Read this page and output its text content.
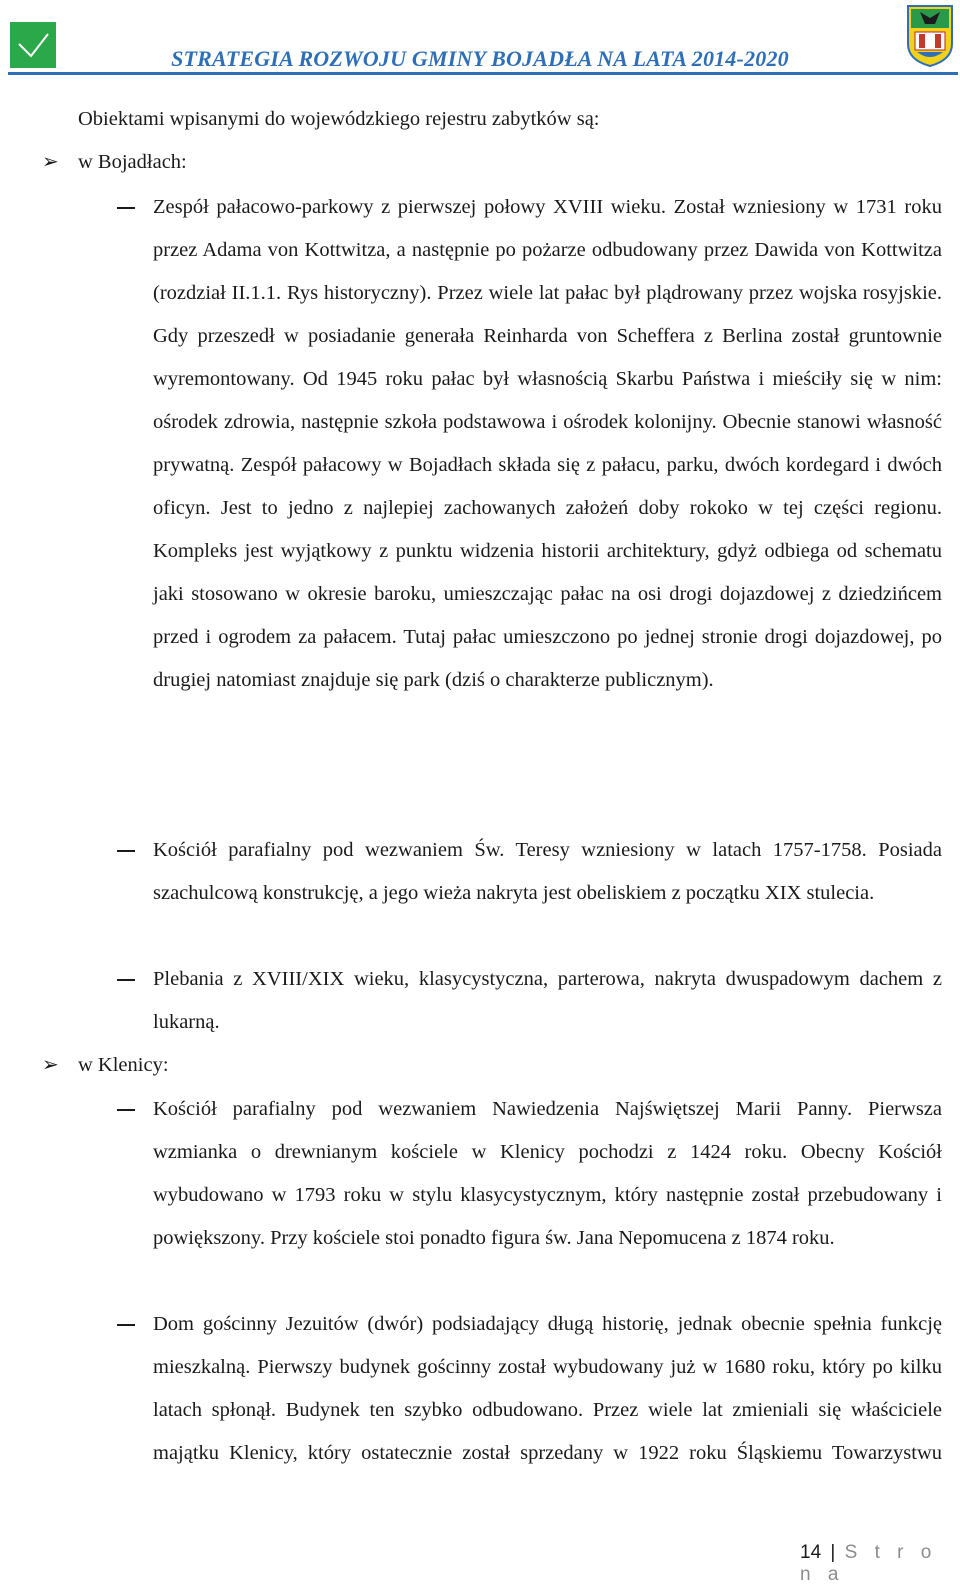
STRATEGIA ROZWOJU GMINY BOJADŁA NA LATA 2014-2020
Obiektami wpisanymi do wojewódzkiego rejestru zabytków są:
➢ w Bojadłach:
Zespół pałacowo-parkowy z pierwszej połowy XVIII wieku. Został wzniesiony w 1731 roku przez Adama von Kottwitza, a następnie po pożarze odbudowany przez Dawida von Kottwitza (rozdział II.1.1. Rys historyczny). Przez wiele lat pałac był plądrowany przez wojska rosyjskie. Gdy przeszedł w posiadanie generała Reinharda von Scheffera z Berlina został gruntownie wyremontowany. Od 1945 roku pałac był własnością Skarbu Państwa i mieściły się w nim: ośrodek zdrowia, następnie szkoła podstawowa i ośrodek kolonijny. Obecnie stanowi własność prywatną. Zespół pałacowy w Bojadłach składa się z pałacu, parku, dwóch kordegard i dwóch oficyn. Jest to jedno z najlepiej zachowanych założeń doby rokoko w tej części regionu. Kompleks jest wyjątkowy z punktu widzenia historii architektury, gdyż odbiega od schematu jaki stosowano w okresie baroku, umieszczając pałac na osi drogi dojazdowej z dziedzińcem przed i ogrodem za pałacem. Tutaj pałac umieszczono po jednej stronie drogi dojazdowej, po drugiej natomiast znajduje się park (dziś o charakterze publicznym).
Kościół parafialny pod wezwaniem Św. Teresy wzniesiony w latach 1757-1758. Posiada szachulcową konstrukcję, a jego wieża nakryta jest obeliskiem z początku XIX stulecia.
Plebania z XVIII/XIX wieku, klasycystyczna, parterowa, nakryta dwuspadowym dachem z lukarną.
➢ w Klenicy:
Kościół parafialny pod wezwaniem Nawiedzenia Najświętszej Marii Panny. Pierwsza wzmianka o drewnianym kościele w Klenicy pochodzi z 1424 roku. Obecny Kościół wybudowano w 1793 roku w stylu klasycystycznym, który następnie został przebudowany i powiększony. Przy kościele stoi ponadto figura św. Jana Nepomucena z 1874 roku.
Dom gościnny Jezuitów (dwór) podsiadający długą historię, jednak obecnie spełnia funkcję mieszkalną. Pierwszy budynek gościnny został wybudowany już w 1680 roku, który po kilku latach spłonął. Budynek ten szybko odbudowano. Przez wiele lat zmieniali się właściciele majątku Klenicy, który ostatecznie został sprzedany w 1922 roku Śląskiemu Towarzystwu
14 | S t r o n a
